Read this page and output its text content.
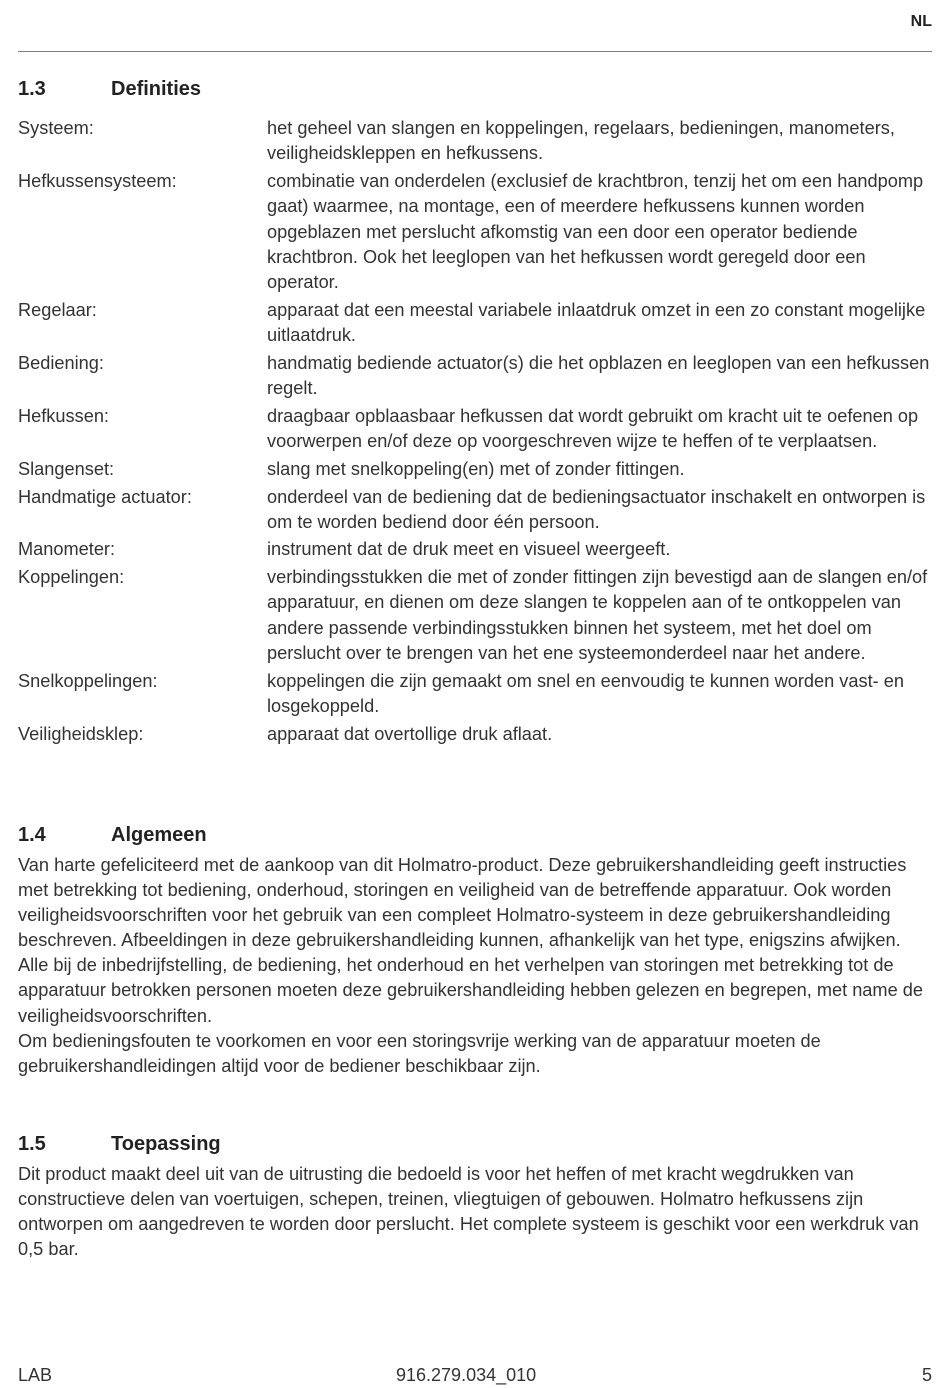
NL
1.3	Definities
Systeem:	het geheel van slangen en koppelingen, regelaars, bedieningen, manometers, veiligheidskleppen en hefkussens.
Hefkussensysteem:	combinatie van onderdelen (exclusief de krachtbron, tenzij het om een handpomp gaat) waarmee, na montage, een of meerdere hefkussens kunnen worden opgeblazen met perslucht afkomstig van een door een operator bediende krachtbron. Ook het leeglopen van het hefkussen wordt geregeld door een operator.
Regelaar:	apparaat dat een meestal variabele inlaatdruk omzet in een zo constant mogelijke uitlaatdruk.
Bediening:	handmatig bediende actuator(s) die het opblazen en leeglopen van een hefkussen regelt.
Hefkussen:	draagbaar opblaasbaar hefkussen dat wordt gebruikt om kracht uit te oefenen op voorwerpen en/of deze op voorgeschreven wijze te heffen of te verplaatsen.
Slangenset:	slang met snelkoppeling(en) met of zonder fittingen.
Handmatige actuator:	onderdeel van de bediening dat de bedieningsactuator inschakelt en ontworpen is om te worden bediend door één persoon.
Manometer:	instrument dat de druk meet en visueel weergeeft.
Koppelingen:	verbindingsstukken die met of zonder fittingen zijn bevestigd aan de slangen en/of apparatuur, en dienen om deze slangen te koppelen aan of te ontkoppelen van andere passende verbindingsstukken binnen het systeem, met het doel om perslucht over te brengen van het ene systeemonderdeel naar het andere.
Snelkoppelingen:	koppelingen die zijn gemaakt om snel en eenvoudig te kunnen worden vast- en losgekoppeld.
Veiligheidsklep:	apparaat dat overtollige druk aflaat.
1.4	Algemeen

Van harte gefeliciteerd met de aankoop van dit Holmatro-product. Deze gebruikershandleiding geeft instructies met betrekking tot bediening, onderhoud, storingen en veiligheid van de betreffende apparatuur. Ook worden veiligheidsvoorschriften voor het gebruik van een compleet Holmatro-systeem in deze gebruikershandleiding beschreven. Afbeeldingen in deze gebruikershandleiding kunnen, afhankelijk van het type, enigszins afwijken.

Alle bij de inbedrijfstelling, de bediening, het onderhoud en het verhelpen van storingen met betrekking tot de apparatuur betrokken personen moeten deze gebruikershandleiding hebben gelezen en begrepen, met name de veiligheidsvoorschriften.

Om bedieningsfouten te voorkomen en voor een storingsvrije werking van de apparatuur moeten de gebruikershandleidingen altijd voor de bediener beschikbaar zijn.

1.5	Toepassing

Dit product maakt deel uit van de uitrusting die bedoeld is voor het heffen of met kracht wegdrukken van constructieve delen van voertuigen, schepen, treinen, vliegtuigen of gebouwen. Holmatro hefkussens zijn ontworpen om aangedreven te worden door perslucht. Het complete systeem is geschikt voor een werkdruk van 0,5 bar.

LAB	916.279.034_010	5
